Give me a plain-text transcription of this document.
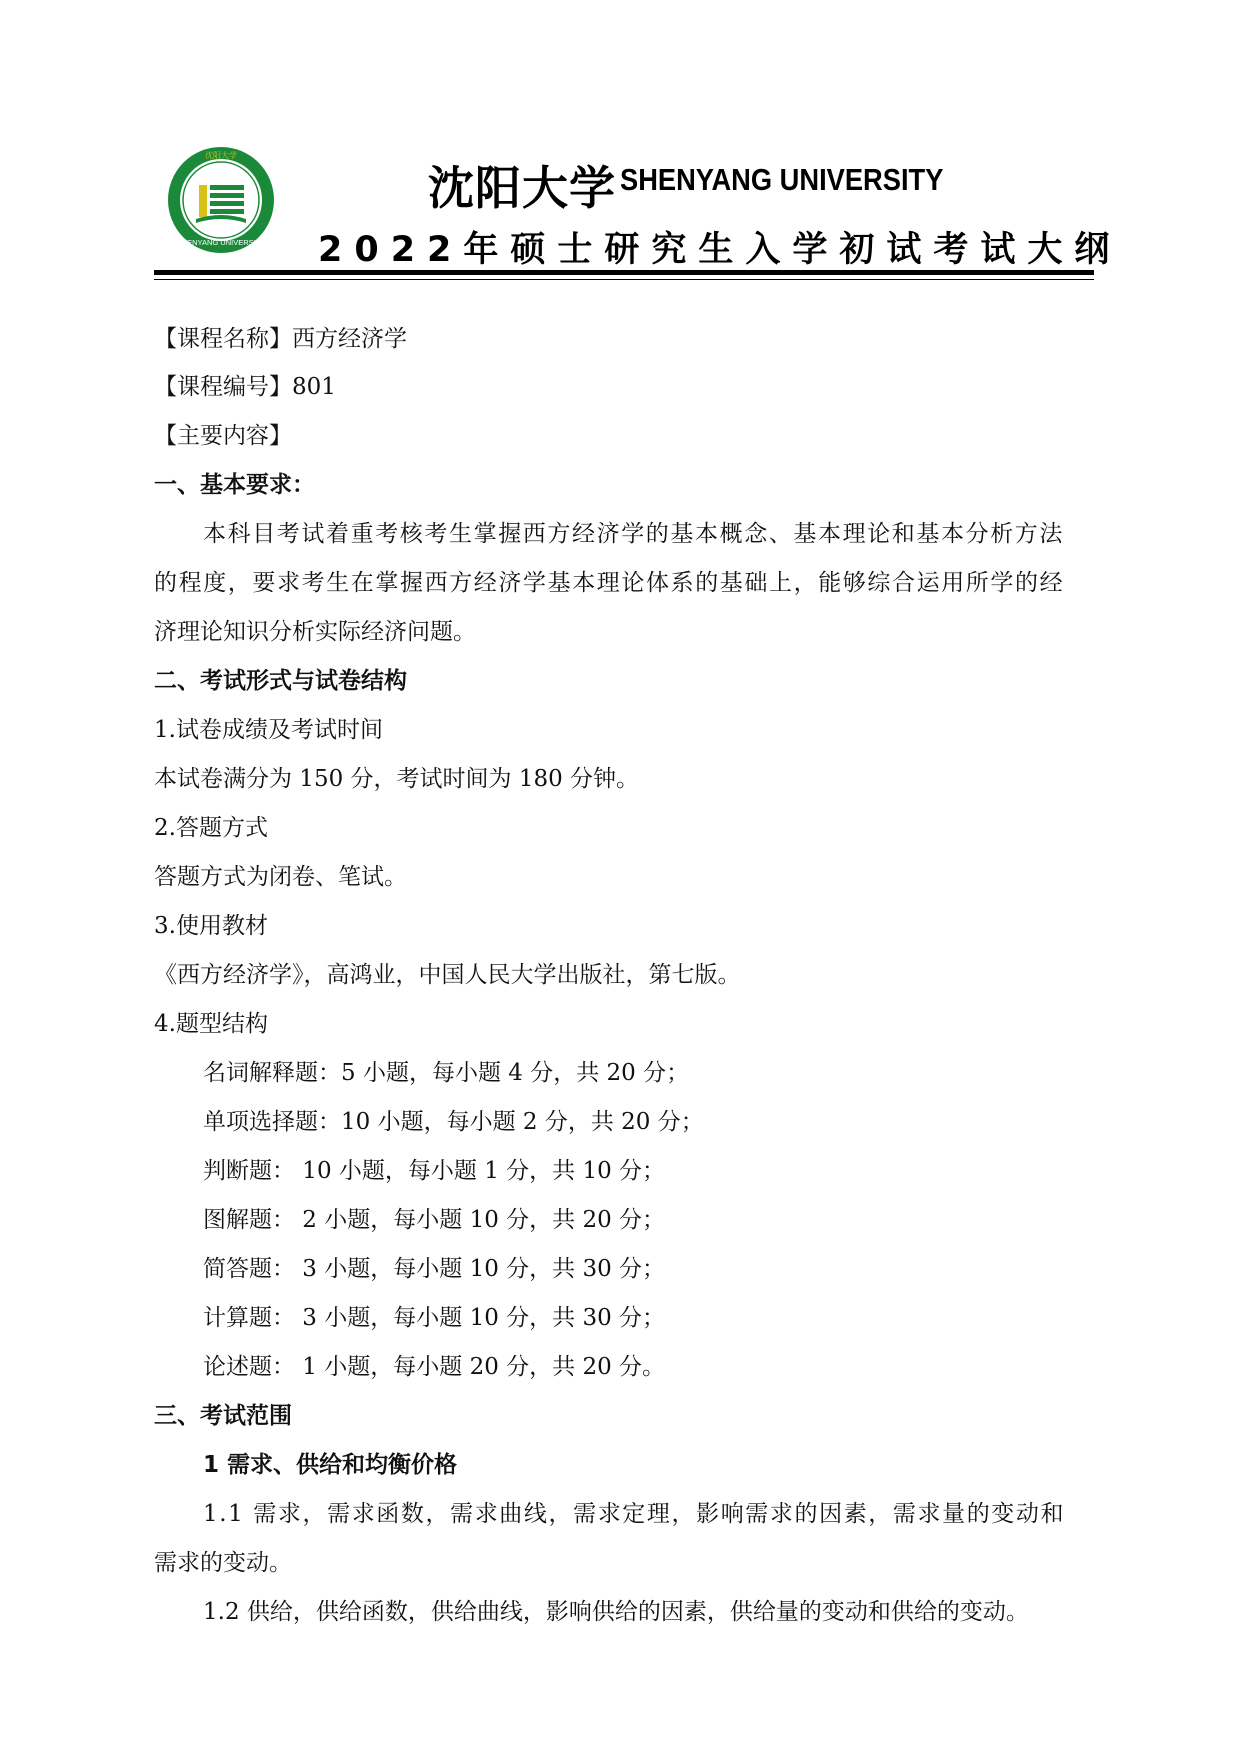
SHENYANG UNIVERSITY
沈阳大学
沈阳大学 SHENYANG UNIVERSITY
2022年硕士研究生入学初试考试大纲
【课程名称】西方经济学
【课程编号】801
【主要内容】
一、基本要求：
本科目考试着重考核考生掌握西方经济学的基本概念、基本理论和基本分析方法
的程度，要求考生在掌握西方经济学基本理论体系的基础上，能够综合运用所学的经
济理论知识分析实际经济问题。
二、考试形式与试卷结构
1.试卷成绩及考试时间
本试卷满分为 150 分，考试时间为 180 分钟。
2.答题方式
答题方式为闭卷、笔试。
3.使用教材
《西方经济学》，高鸿业，中国人民大学出版社，第七版。
4.题型结构
名词解释题：5 小题，每小题 4 分，共 20 分；
单项选择题：10 小题，每小题 2 分，共 20 分；
判断题： 10 小题，每小题 1 分，共 10 分；
图解题： 2 小题，每小题 10 分，共 20 分；
简答题： 3 小题，每小题 10 分，共 30 分；
计算题： 3 小题，每小题 10 分，共 30 分；
论述题： 1 小题，每小题 20 分，共 20 分。
三、考试范围
1 需求、供给和均衡价格
1.1 需求，需求函数，需求曲线，需求定理，影响需求的因素，需求量的变动和
需求的变动。
1.2 供给，供给函数，供给曲线，影响供给的因素，供给量的变动和供给的变动。
